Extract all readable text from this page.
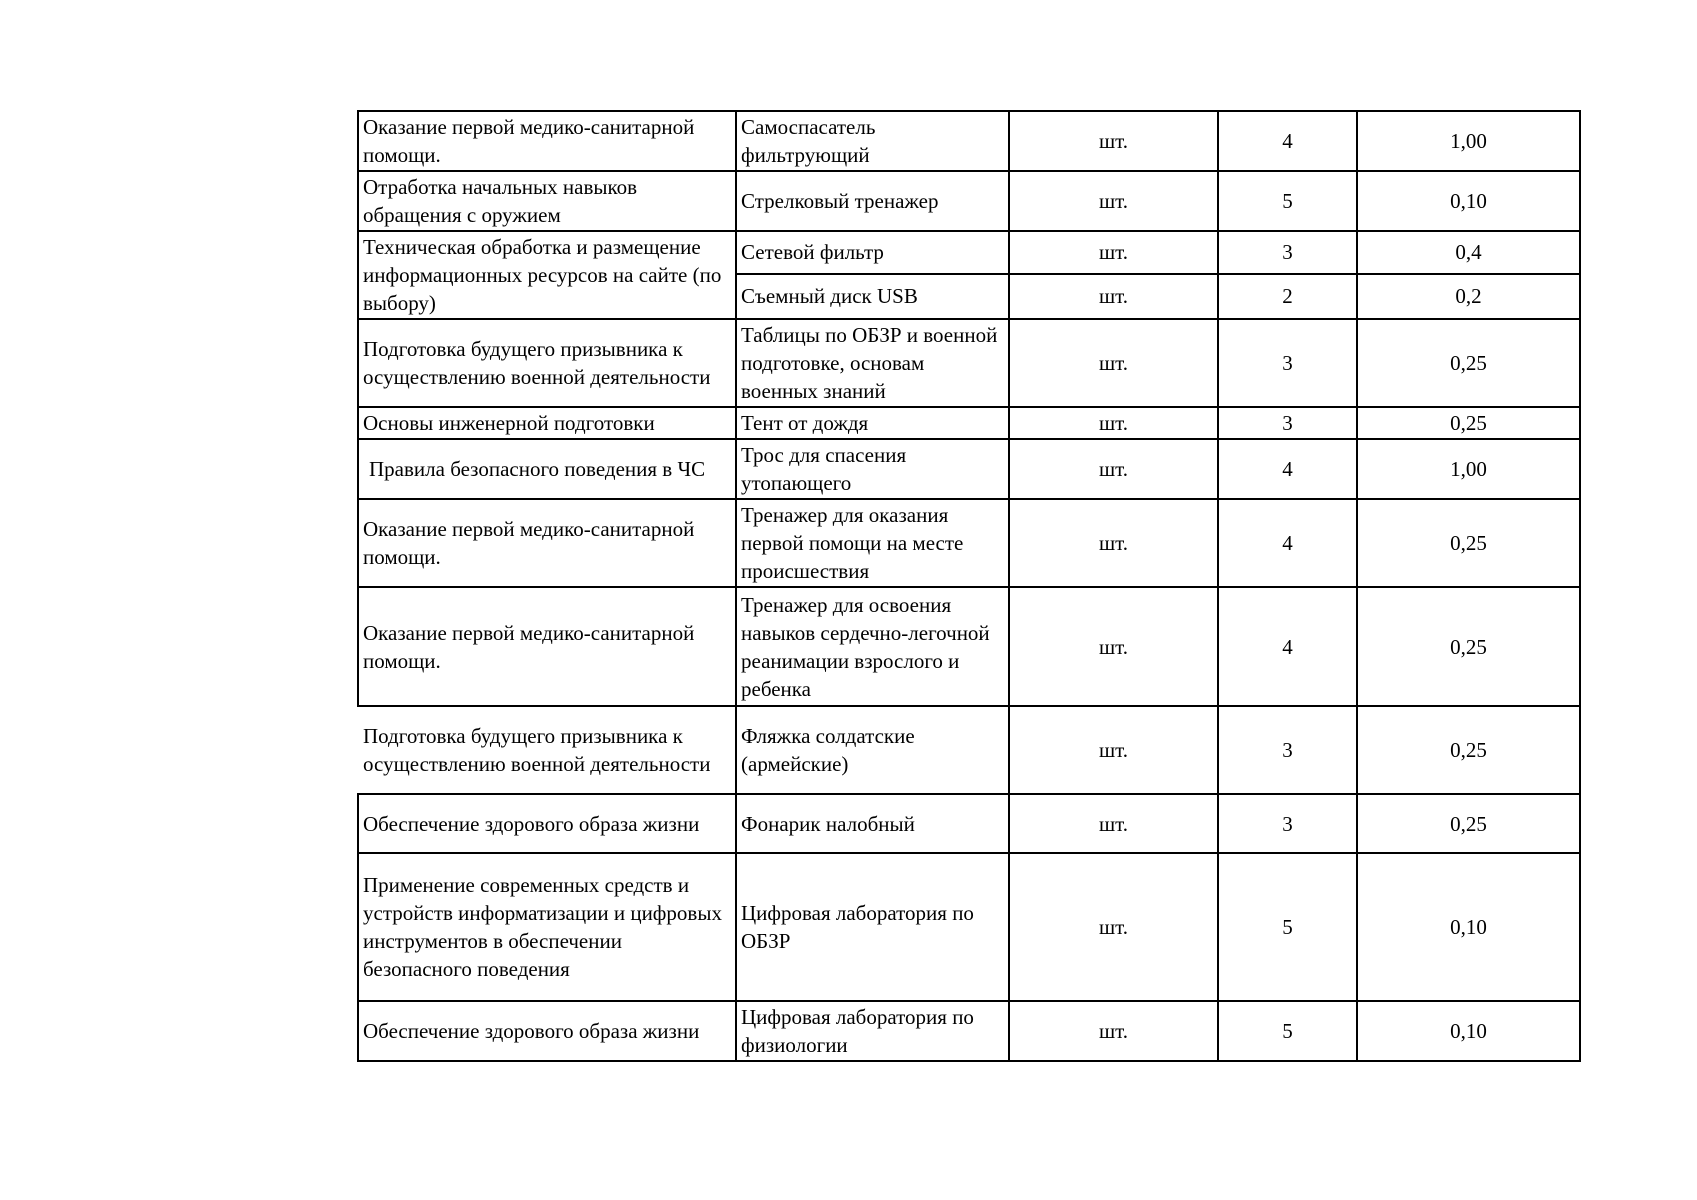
Оказание первой медико-санитарной помощи.	Самоспасатель фильтрующий	шт.	4	1,00
Отработка начальных навыков обращения с оружием	Стрелковый тренажер	шт.	5	0,10
Техническая обработка и размещение информационных ресурсов на сайте (по выбору)	Сетевой фильтр	шт.	3	0,4
	Съемный диск USB	шт.	2	0,2
Подготовка будущего призывника к осуществлению военной деятельности	Таблицы по ОБЗР и военной подготовке, основам военных знаний	шт.	3	0,25
Основы инженерной подготовки	Тент от дождя	шт.	3	0,25
Правила безопасного поведения в ЧС	Трос для спасения утопающего	шт.	4	1,00
Оказание первой медико-санитарной помощи.	Тренажер для оказания первой помощи на месте происшествия	шт.	4	0,25
Оказание первой медико-санитарной помощи.	Тренажер для освоения навыков сердечно-легочной реанимации взрослого и ребенка	шт.	4	0,25
Подготовка будущего призывника к осуществлению военной деятельности	Фляжка солдатские (армейские)	шт.	3	0,25
Обеспечение здорового образа жизни	Фонарик налобный	шт.	3	0,25
Применение современных средств и устройств информатизации и цифровых инструментов в обеспечении безопасного поведения	Цифровая лаборатория по ОБЗР	шт.	5	0,10
Обеспечение здорового образа жизни	Цифровая лаборатория по физиологии	шт.	5	0,10
